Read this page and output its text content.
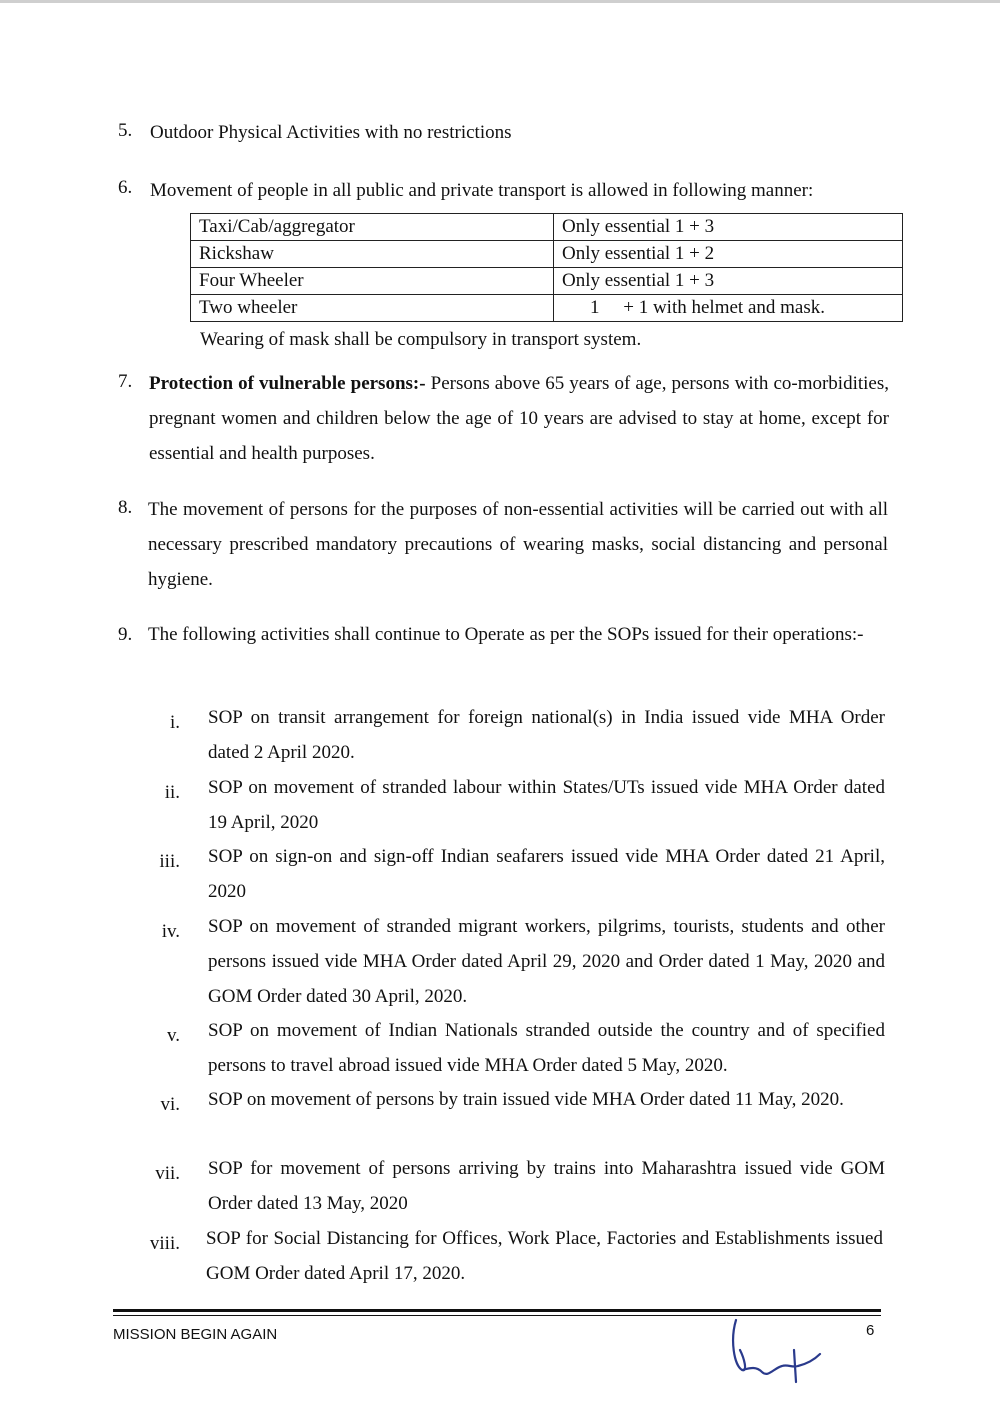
5. Outdoor Physical Activities with no restrictions
6. Movement of people in all public and private transport is allowed in following manner:
Taxi/Cab/aggregator	Only essential 1 + 3
Rickshaw	Only essential 1 + 2
Four Wheeler	Only essential 1 + 3
Two wheeler	1     + 1 with helmet and mask.
Wearing of mask shall be compulsory in transport system.
7. Protection of vulnerable persons:- Persons above 65 years of age, persons with co-morbidities, pregnant women and children below the age of 10 years are advised to stay at home, except for essential and health purposes.
8. The movement of persons for the purposes of non-essential activities will be carried out with all necessary prescribed mandatory precautions of wearing masks, social distancing and personal hygiene.
9. The following activities shall continue to Operate as per the SOPs issued for their operations:-
i. SOP on transit arrangement for foreign national(s) in India issued vide MHA Order dated 2 April 2020.
ii. SOP on movement of stranded labour within States/UTs issued vide MHA Order dated 19 April, 2020
iii. SOP on sign-on and sign-off Indian seafarers issued vide MHA Order dated 21 April, 2020
iv. SOP on movement of stranded migrant workers, pilgrims, tourists, students and other persons issued vide MHA Order dated April 29, 2020 and Order dated 1 May, 2020 and GOM Order dated 30 April, 2020.
v. SOP on movement of Indian Nationals stranded outside the country and of specified persons to travel abroad issued vide MHA Order dated 5 May, 2020.
vi. SOP on movement of persons by train issued vide MHA Order dated 11 May, 2020.
vii. SOP for movement of persons arriving by trains into Maharashtra issued vide GOM Order dated 13 May, 2020
viii. SOP for Social Distancing for Offices, Work Place, Factories and Establishments issued GOM Order dated April 17, 2020.
MISSION BEGIN AGAIN	6
